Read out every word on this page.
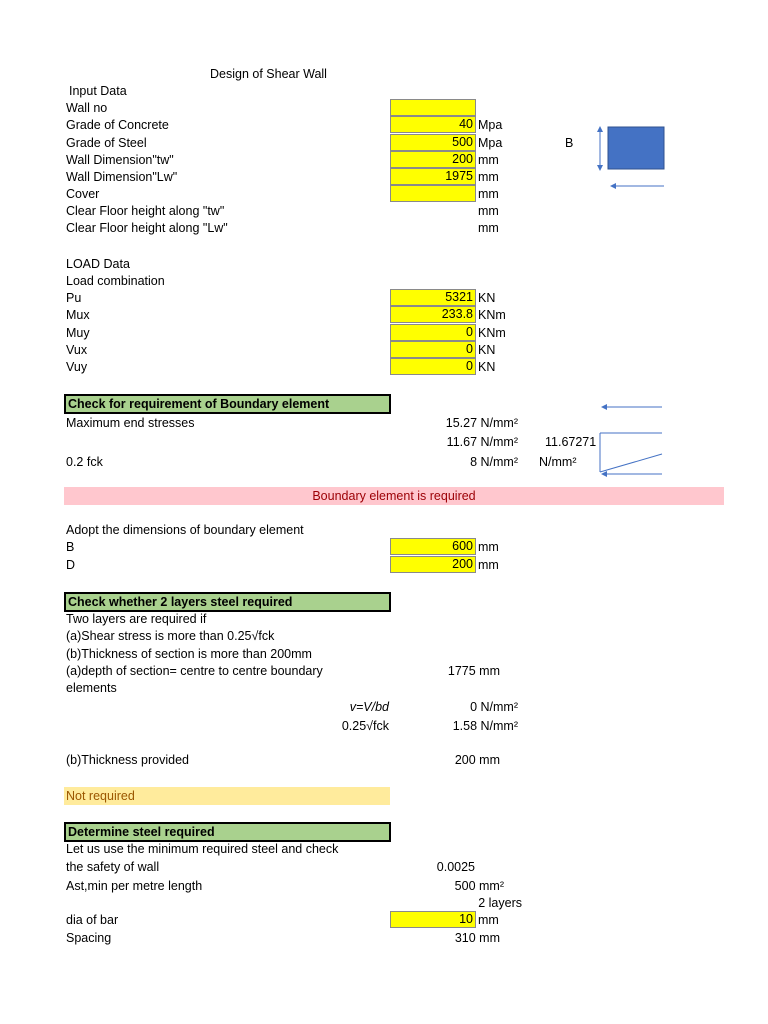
Design of Shear Wall
Input Data
Wall no
Grade of Concrete	40 Mpa
Grade of Steel	500 Mpa
Wall Dimension"tw"	200 mm
Wall Dimension"Lw"	1975 mm
Cover	mm
Clear Floor height along "tw"	mm
Clear Floor height along "Lw"	mm
B
LOAD Data
Load combination
Pu	5321 KN
Mux	233.8 KNm
Muy	0 KNm
Vux	0 KN
Vuy	0 KN
Check for requirement of Boundary element
Maximum end stresses	15.27 N/mm²
11.67 N/mm² 11.67271
0.2 fck	8 N/mm² N/mm²
Boundary element is required
Adopt the dimensions of boundary element
B	600 mm
D	200 mm
Check whether 2 layers steel required
Two layers are required if
(a)Shear stress is more than 0.25√fck
(b)Thickness of section is more than 200mm
(a)depth of section= centre to centre boundary	1775 mm
elements
v=V/bd	0 N/mm²
0.25√fck	1.58 N/mm²
(b)Thickness provided	200 mm
Not required
Determine steel required
Let us use the minimum required steel and check
the safety of wall	0.0025
Ast,min per metre length	500 mm²
2 layers
dia of bar	10 mm
Spacing	310 mm
